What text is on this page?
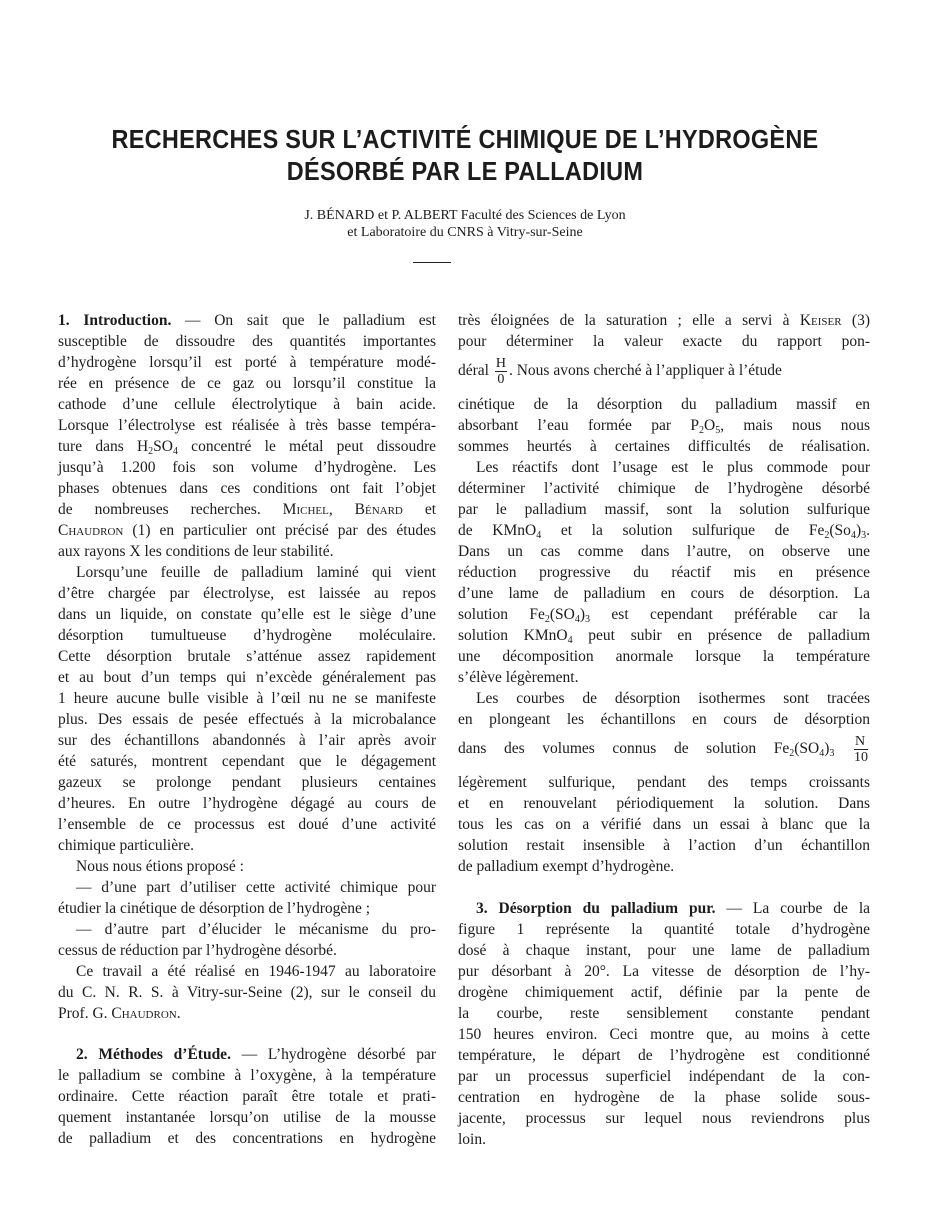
RECHERCHES SUR L’ACTIVITÉ CHIMIQUE DE L’HYDROGÈNE
DÉSORBÉ PAR LE PALLADIUM
J. BÉNARD et P. ALBERT Faculté des Sciences de Lyon
et Laboratoire du CNRS à Vitry-sur-Seine
1. Introduction. — On sait que le palladium est
susceptible de dissoudre des quantités importantes
d’hydrogène lorsqu’il est porté à température modé-
rée en présence de ce gaz ou lorsqu’il constitue la
cathode d’une cellule électrolytique à bain acide.
Lorsque l’électrolyse est réalisée à très basse tempéra-
ture dans $H_2SO_4$ concentré le métal peut dissoudre
jusqu’à 1.200 fois son volume d’hydrogène. Les
phases obtenues dans ces conditions ont fait l’objet
de nombreuses recherches. Michel, Bénard et
Chaudron (1) en particulier ont précisé par des études
aux rayons X les conditions de leur stabilité.
Lorsqu’une feuille de palladium laminé qui vient
d’être chargée par électrolyse, est laissée au repos
dans un liquide, on constate qu’elle est le siège d’une
désorption tumultueuse d’hydrogène moléculaire.
Cette désorption brutale s’atténue assez rapidement
et au bout d’un temps qui n’excède généralement pas
1 heure aucune bulle visible à l’œil nu ne se manifeste
plus. Des essais de pesée effectués à la microbalance
sur des échantillons abandonnés à l’air après avoir
été saturés, montrent cependant que le dégagement
gazeux se prolonge pendant plusieurs centaines
d’heures. En outre l’hydrogène dégagé au cours de
l’ensemble de ce processus est doué d’une activité
chimique particulière.
Nous nous étions proposé :
— d’une part d’utiliser cette activité chimique pour
étudier la cinétique de désorption de l’hydrogène ;
— d’autre part d’élucider le mécanisme du pro-
cessus de réduction par l’hydrogène désorbé.
Ce travail a été réalisé en 1946-1947 au laboratoire
du C. N. R. S. à Vitry-sur-Seine (2), sur le conseil du
Prof. G. Chaudron.
2. Méthodes d’Étude. — L’hydrogène désorbé par
le palladium se combine à l’oxygène, à la température
ordinaire. Cette réaction paraît être totale et prati-
quement instantanée lorsqu’on utilise de la mousse
de palladium et des concentrations en hydrogène
très éloignées de la saturation ; elle a servi à Keiser (3)
pour déterminer la valeur exacte du rapport pon-
déral $\frac{H}{0}$ . Nous avons cherché à l’appliquer à l’étude
cinétique de la désorption du palladium massif en
absorbant l’eau formée par $P_2O_5$, mais nous nous
sommes heurtés à certaines difficultés de réalisation.
Les réactifs dont l’usage est le plus commode pour
déterminer l’activité chimique de l’hydrogène désorbé
par le palladium massif, sont la solution sulfurique
de KMnO$_4$ et la solution sulfurique de $Fe_2(So_4)_3$.
Dans un cas comme dans l’autre, on observe une
réduction progressive du réactif mis en présence
d’une lame de palladium en cours de désorption. La
solution $Fe_2(SO_4)_3$ est cependant préférable car la
solution KMnO$_4$ peut subir en présence de palladium
une décomposition anormale lorsque la température
s’élève légèrement.
Les courbes de désorption isothermes sont tracées
en plongeant les échantillons en cours de désorption
dans des volumes connus de solution $Fe_2(SO_4)_3 \frac{N}{10}$
légèrement sulfurique, pendant des temps croissants
et en renouvelant périodiquement la solution. Dans
tous les cas on a vérifié dans un essai à blanc que la
solution restait insensible à l’action d’un échantillon
de palladium exempt d’hydrogène.
3. Désorption du palladium pur. — La courbe de la
figure 1 représente la quantité totale d’hydrogène
dosé à chaque instant, pour une lame de palladium
pur désorbant à 20°. La vitesse de désorption de l’hy-
drogène chimiquement actif, définie par la pente de
la courbe, reste sensiblement constante pendant
150 heures environ. Ceci montre que, au moins à cette
température, le départ de l’hydrogène est conditionné
par un processus superficiel indépendant de la con-
centration en hydrogène de la phase solide sous-
jacente, processus sur lequel nous reviendrons plus
loin.
